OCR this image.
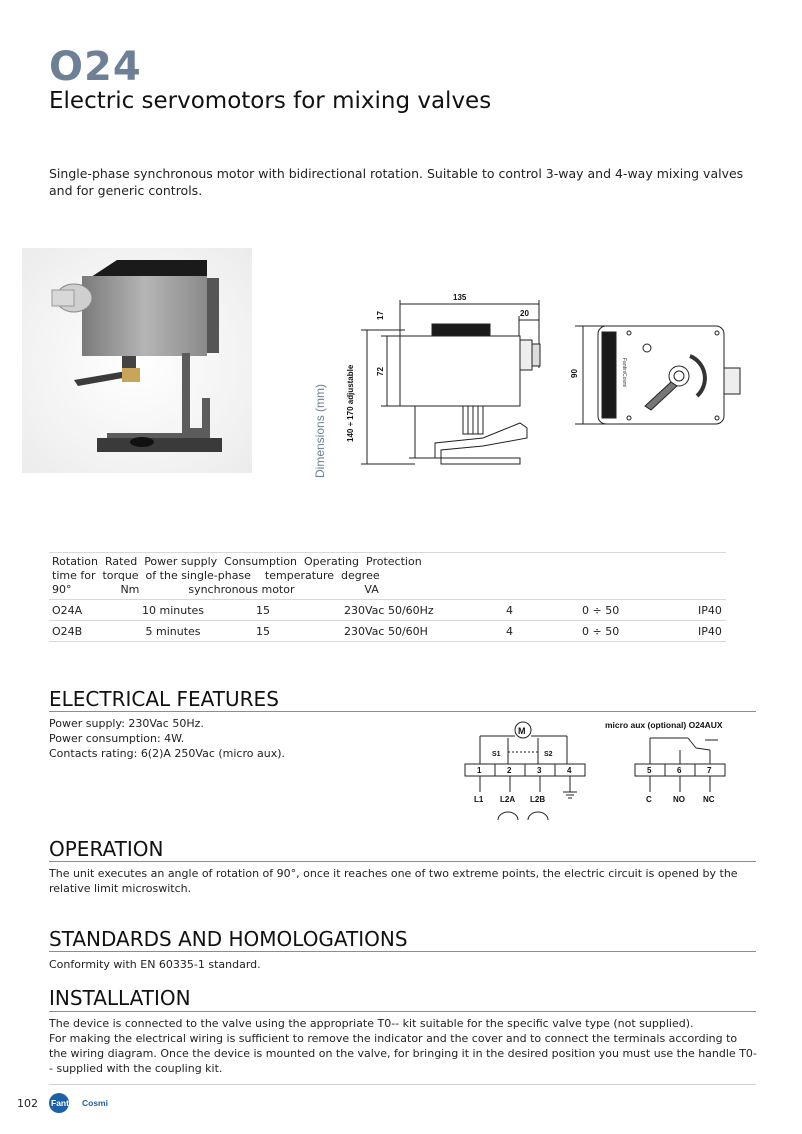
O24
Electric servomotors for mixing valves
Single-phase synchronous motor with bidirectional rotation. Suitable to control 3-way and 4-way mixing valves and for generic controls.
Dimensions (mm)
135
20
17
72
140 ÷ 170 adjustable	90	FantiniCosmi
Rotation  Rated  Power supply  Consumption  Operating  Protection
time for  torque  of the single-phase    temperature  degree
90°              Nm              synchronous motor                    VA						
O24A	10 minutes	15	230Vac 50/60Hz	4	0 ÷ 50	IP40
O24B	5 minutes	15	230Vac 50/60H	4	0 ÷ 50	IP40
ELECTRICAL FEATURES
Power supply: 230Vac 50Hz.
Power consumption: 4W.
Contacts rating: 6(2)A 250Vac (micro aux).
M
S1	S2
1	2	3	4
L1 L2A L2B
micro aux (optional) O24AUX
5	6	7
C	NO NC
OPERATION
The unit executes an angle of rotation of 90°, once it reaches one of two extreme points, the electric circuit is opened by the relative limit microswitch.
STANDARDS AND HOMOLOGATIONS
Conformity with EN 60335-1 standard.
INSTALLATION
The device is connected to the valve using the appropriate T0-- kit suitable for the specific valve type (not supplied).
For making the electrical wiring is sufficient to remove the indicator and the cover and to connect the terminals according to the wiring diagram. Once the device is mounted on the valve, for bringing it in the desired position you must use the handle T0-- supplied with the coupling kit.
102 Fantini Cosmi
